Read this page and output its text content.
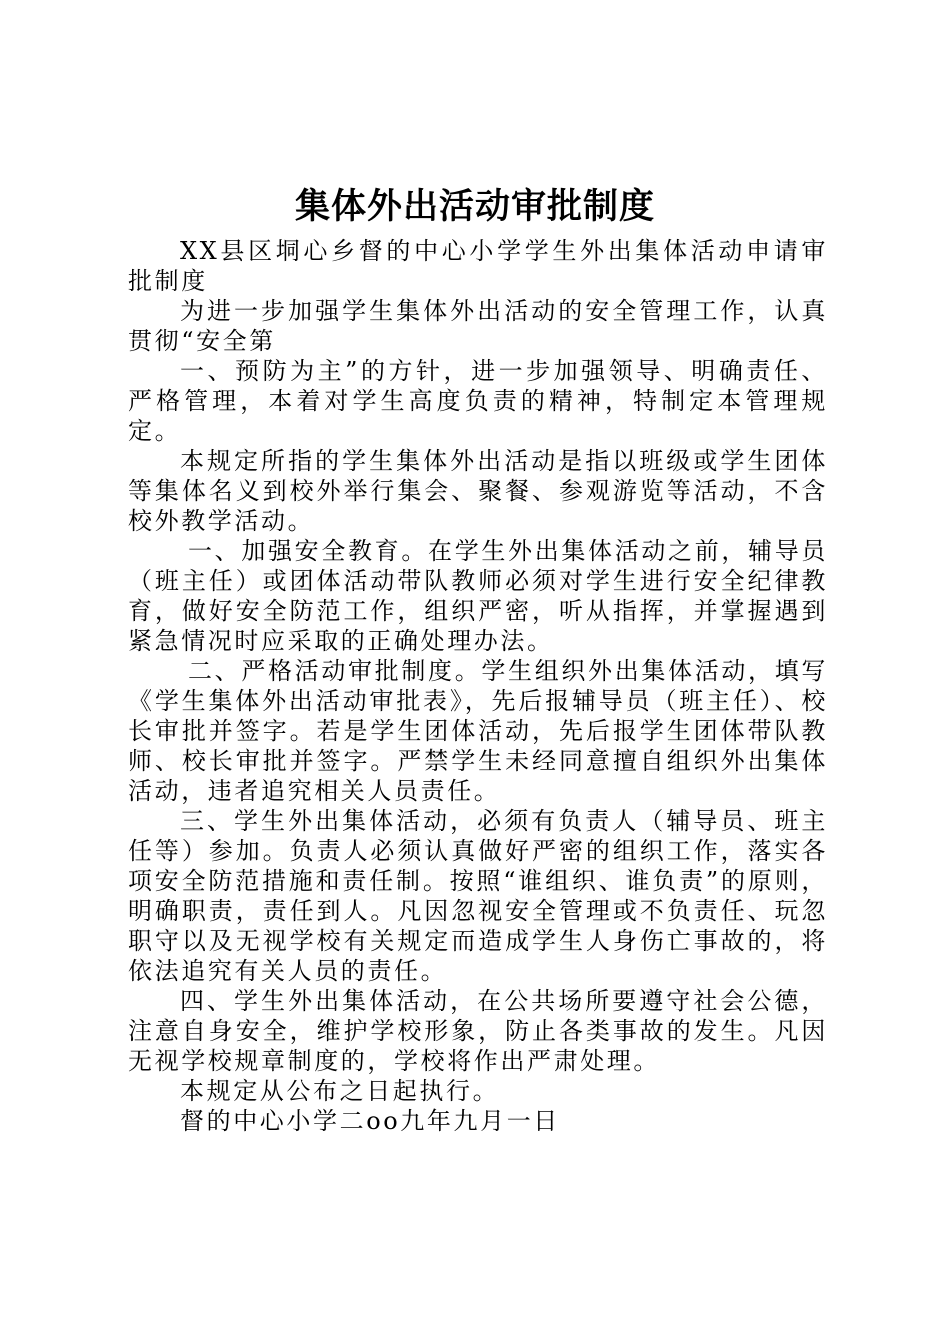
集体外出活动审批制度

XX县区垌心乡督的中心小学学生外出集体活动申请审批制度

为进一步加强学生集体外出活动的安全管理工作，认真贯彻“安全第

一、预防为主”的方针，进一步加强领导、明确责任、严格管理，本着对学生高度负责的精神，特制定本管理规定。

本规定所指的学生集体外出活动是指以班级或学生团体等集体名义到校外举行集会、聚餐、参观游览等活动，不含校外教学活动。

一、加强安全教育。在学生外出集体活动之前，辅导员（班主任）或团体活动带队教师必须对学生进行安全纪律教育，做好安全防范工作，组织严密，听从指挥，并掌握遇到紧急情况时应采取的正确处理办法。

二、严格活动审批制度。学生组织外出集体活动，填写《学生集体外出活动审批表》，先后报辅导员（班主任）、校长审批并签字。若是学生团体活动，先后报学生团体带队教师、校长审批并签字。严禁学生未经同意擅自组织外出集体活动，违者追究相关人员责任。

三、学生外出集体活动，必须有负责人（辅导员、班主任等）参加。负责人必须认真做好严密的组织工作，落实各项安全防范措施和责任制。按照“谁组织、谁负责”的原则，明确职责，责任到人。凡因忽视安全管理或不负责任、玩忽职守以及无视学校有关规定而造成学生人身伤亡事故的，将依法追究有关人员的责任。

四、学生外出集体活动，在公共场所要遵守社会公德，注意自身安全，维护学校形象，防止各类事故的发生。凡因无视学校规章制度的，学校将作出严肃处理。

本规定从公布之日起执行。

督的中心小学二oo九年九月一日
